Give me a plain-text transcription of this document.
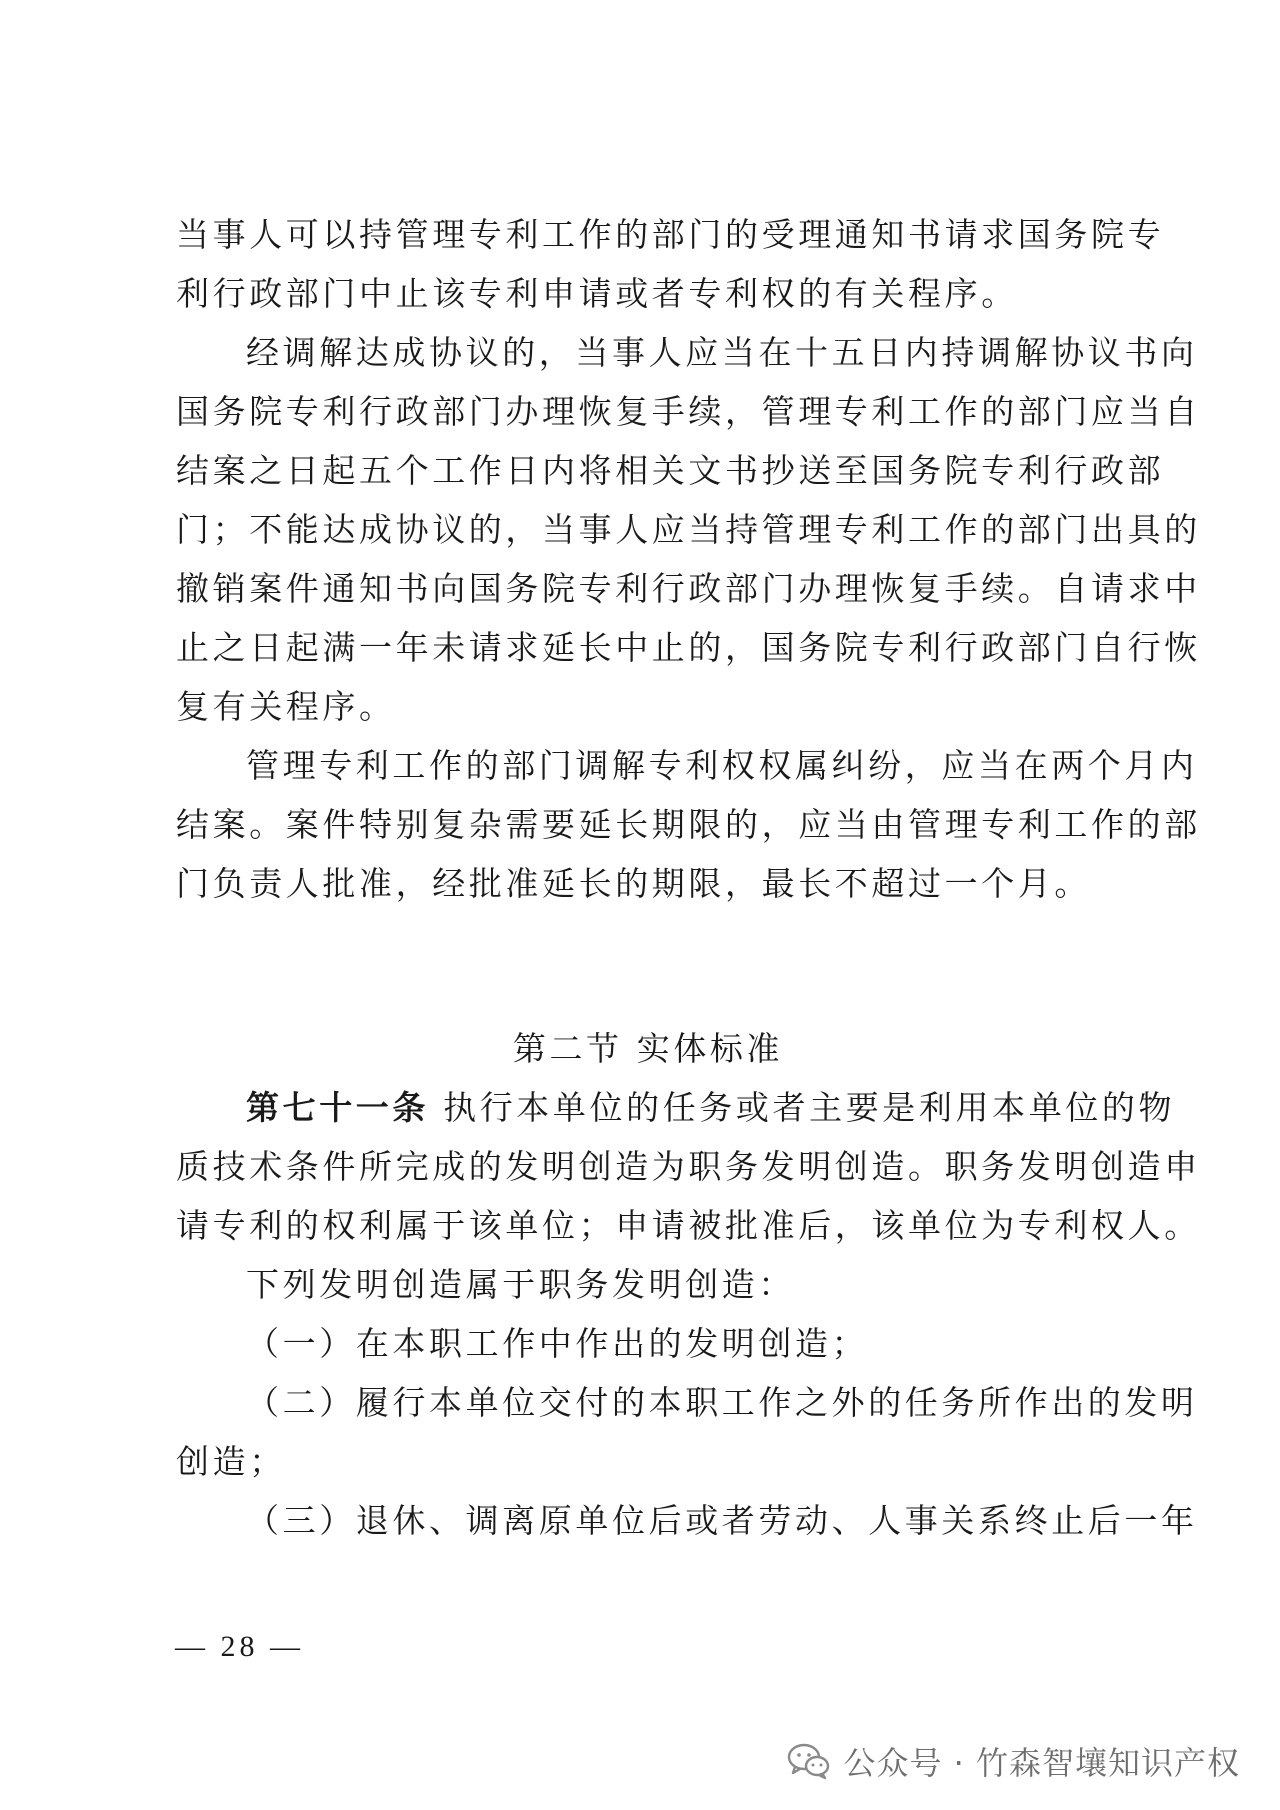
当事人可以持管理专利工作的部门的受理通知书请求国务院专
利行政部门中止该专利申请或者专利权的有关程序。
经调解达成协议的，当事人应当在十五日内持调解协议书向
国务院专利行政部门办理恢复手续，管理专利工作的部门应当自
结案之日起五个工作日内将相关文书抄送至国务院专利行政部
门；不能达成协议的，当事人应当持管理专利工作的部门出具的
撤销案件通知书向国务院专利行政部门办理恢复手续。自请求中
止之日起满一年未请求延长中止的，国务院专利行政部门自行恢
复有关程序。
管理专利工作的部门调解专利权权属纠纷，应当在两个月内
结案。案件特别复杂需要延长期限的，应当由管理专利工作的部
门负责人批准，经批准延长的期限，最长不超过一个月。
第二节 实体标准
第七十一条 执行本单位的任务或者主要是利用本单位的物
质技术条件所完成的发明创造为职务发明创造。职务发明创造申
请专利的权利属于该单位；申请被批准后，该单位为专利权人。
下列发明创造属于职务发明创造：
（一）在本职工作中作出的发明创造；
（二）履行本单位交付的本职工作之外的任务所作出的发明
创造；
（三）退休、调离原单位后或者劳动、人事关系终止后一年
— 28 —
公众号 · 竹森智壤知识产权
